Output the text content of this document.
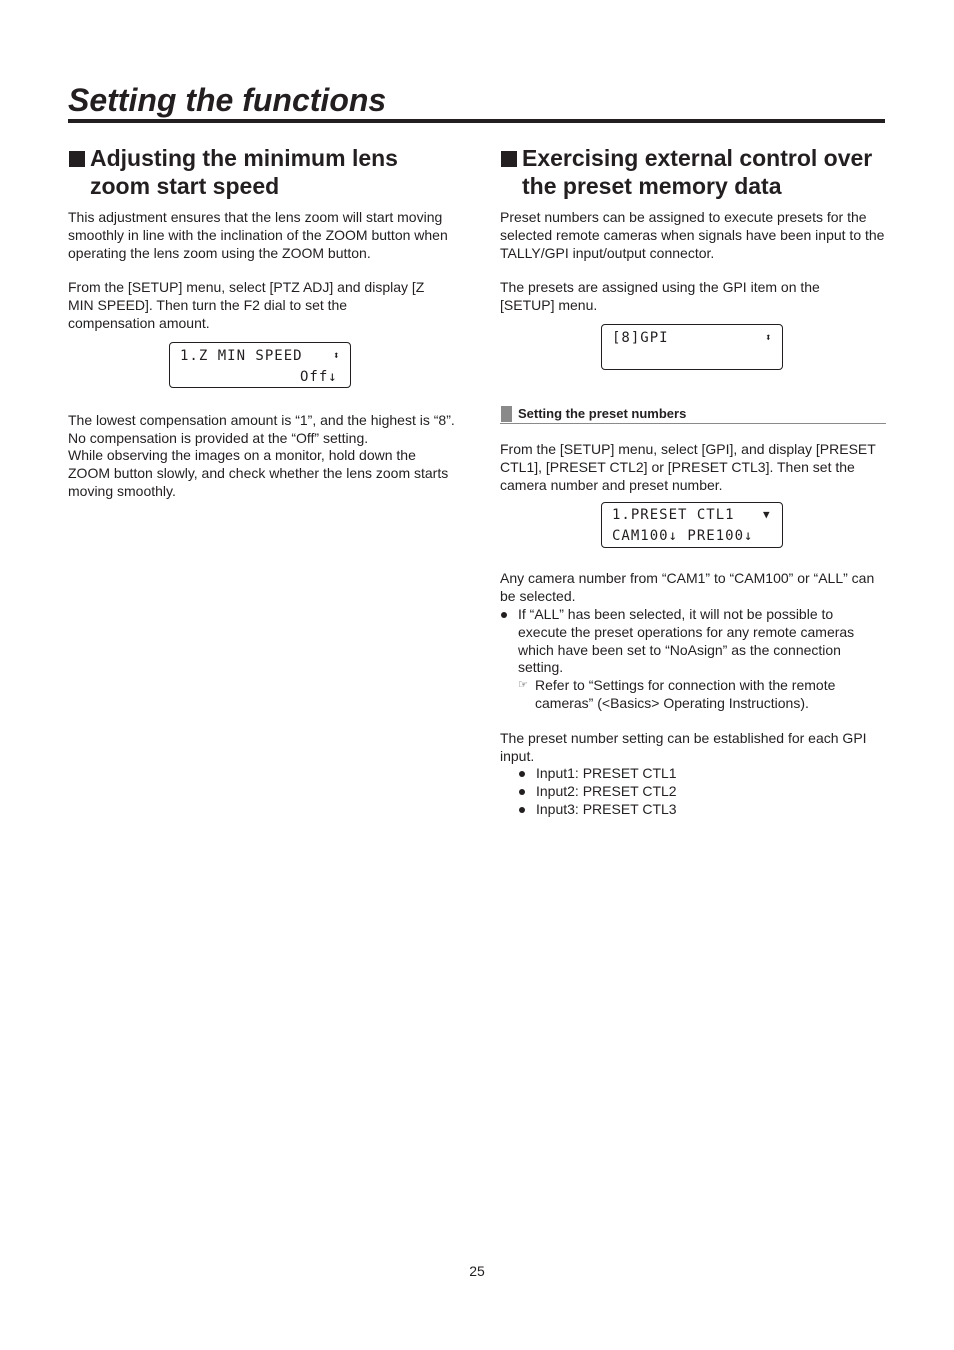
Setting the functions
Adjusting the minimum lens zoom start speed

This adjustment ensures that the lens zoom will start moving smoothly in line with the inclination of the ZOOM button when operating the lens zoom using the ZOOM button.

From the [SETUP] menu, select [PTZ ADJ] and display [Z MIN SPEED]. Then turn the F2 dial to set the compensation amount.

1.Z MIN SPEED	⬍
Off↓

The lowest compensation amount is “1”, and the highest is “8”.

No compensation is provided at the “Off” setting.

While observing the images on a monitor, hold down the ZOOM button slowly, and check whether the lens zoom starts moving smoothly.

Exercising external control over the preset memory data

Preset numbers can be assigned to execute presets for the selected remote cameras when signals have been input to the TALLY/GPI input/output connector.

The presets are assigned using the GPI item on the [SETUP] menu.

[8]GPI	⬍
Setting the preset numbers

From the [SETUP] menu, select [GPI], and display [PRESET CTL1], [PRESET CTL2] or [PRESET CTL3]. Then set the camera number and preset number.

1.PRESET CTL1	▼
CAM100↓ PRE100↓

Any camera number from “CAM1” to “CAM100” or “ALL” can be selected.

If “ALL” has been selected, it will not be possible to execute the preset operations for any remote cameras which have been set to “NoAsign” as the connection setting.
☞ Refer to “Settings for connection with the remote cameras” (<Basics> Operating Instructions).

The preset number setting can be established for each GPI input.

Input1: PRESET CTL1
Input2: PRESET CTL2
Input3: PRESET CTL3
25
